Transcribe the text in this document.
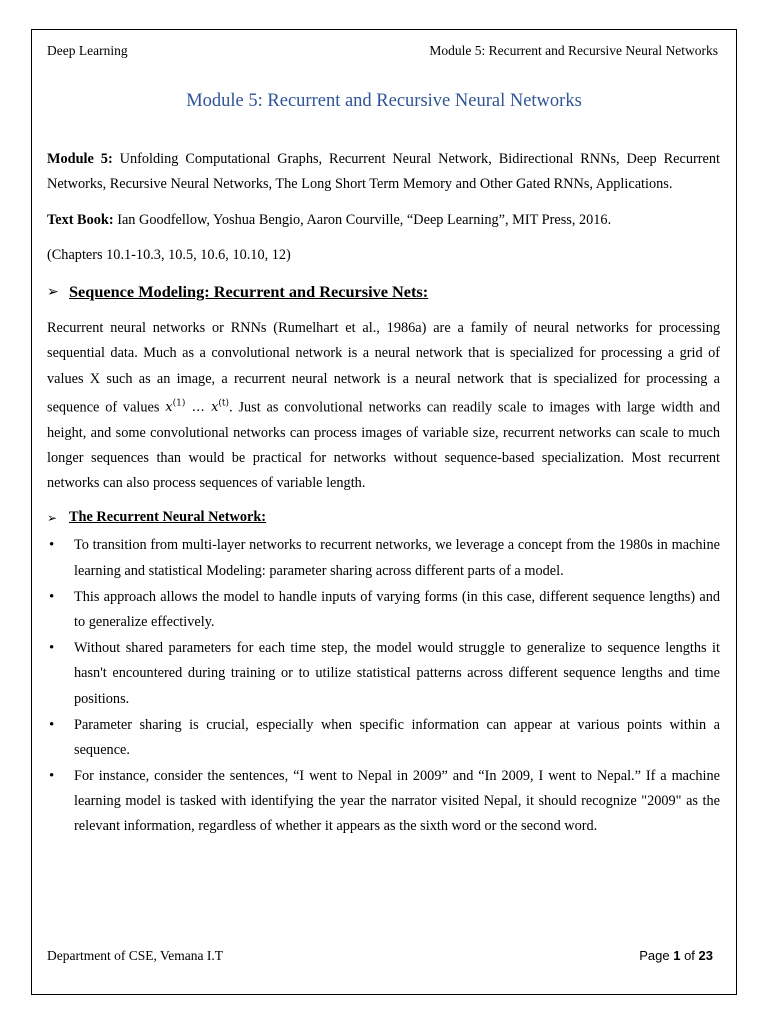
Deep Learning	Module 5: Recurrent and Recursive Neural Networks
Module 5: Recurrent and Recursive Neural Networks

Module 5: Unfolding Computational Graphs, Recurrent Neural Network, Bidirectional RNNs, Deep Recurrent Networks, Recursive Neural Networks, The Long Short Term Memory and Other Gated RNNs, Applications.

Text Book: Ian Goodfellow, Yoshua Bengio, Aaron Courville, “Deep Learning”, MIT Press, 2016.

(Chapters 10.1-10.3, 10.5, 10.6, 10.10, 12)

➢ Sequence Modeling: Recurrent and Recursive Nets:

Recurrent neural networks or RNNs (Rumelhart et al., 1986a) are a family of neural networks for processing sequential data. Much as a convolutional network is a neural network that is specialized for processing a grid of values X such as an image, a recurrent neural network is a neural network that is specialized for processing a sequence of values $x^{(1)}$ … $x^{(t)}$. Just as convolutional networks can readily scale to images with large width and height, and some convolutional networks can process images of variable size, recurrent networks can scale to much longer sequences than would be practical for networks without sequence-based specialization. Most recurrent networks can also process sequences of variable length.

➢ The Recurrent Neural Network:
• To transition from multi-layer networks to recurrent networks, we leverage a concept from the 1980s in machine learning and statistical Modeling: parameter sharing across different parts of a model.
• This approach allows the model to handle inputs of varying forms (in this case, different sequence lengths) and to generalize effectively.
• Without shared parameters for each time step, the model would struggle to generalize to sequence lengths it hasn't encountered during training or to utilize statistical patterns across different sequence lengths and time positions.
• Parameter sharing is crucial, especially when specific information can appear at various points within a sequence.
• For instance, consider the sentences, “I went to Nepal in 2009” and “In 2009, I went to Nepal.” If a machine learning model is tasked with identifying the year the narrator visited Nepal, it should recognize "2009" as the relevant information, regardless of whether it appears as the sixth word or the second word.
Department of CSE, Vemana I.T	Page 1 of 23
